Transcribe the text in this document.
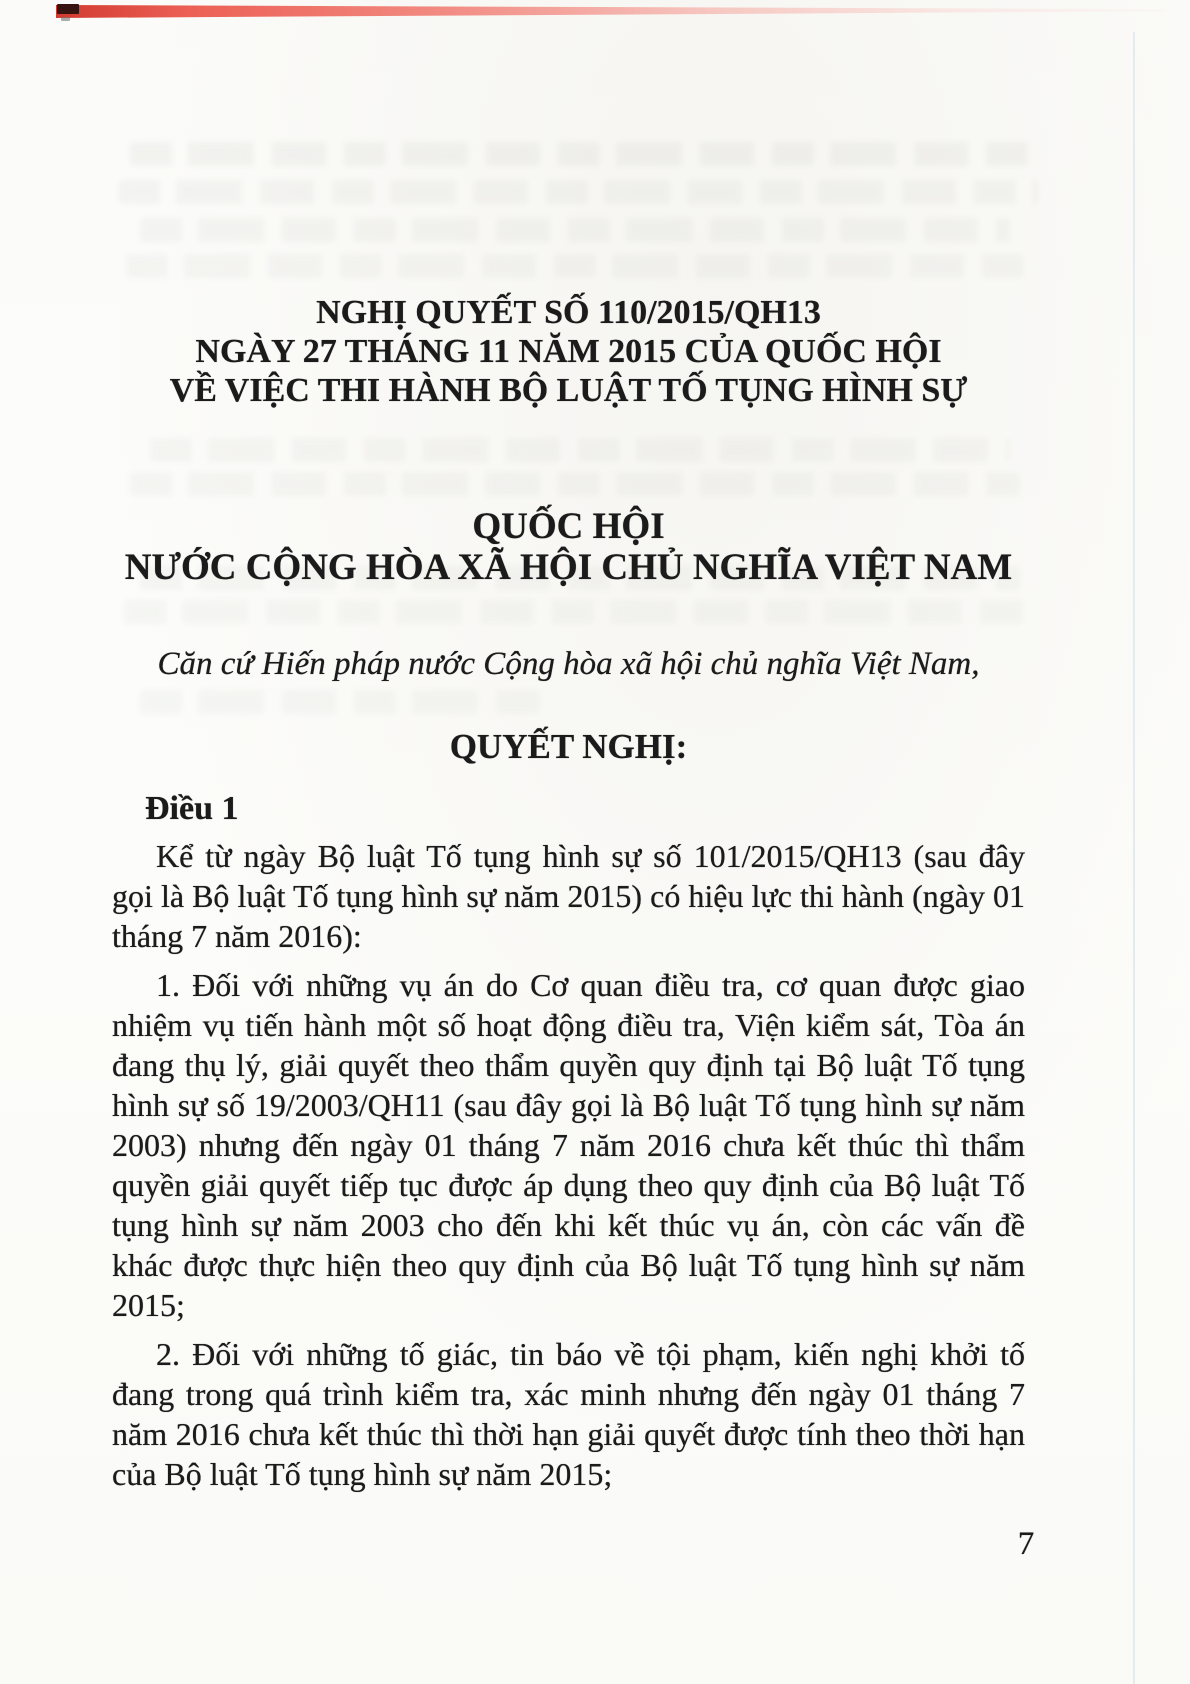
NGHỊ QUYẾT SỐ 110/2015/QH13
NGÀY 27 THÁNG 11 NĂM 2015 CỦA QUỐC HỘI
VỀ VIỆC THI HÀNH BỘ LUẬT TỐ TỤNG HÌNH SỰ
QUỐC HỘI
NƯỚC CỘNG HÒA XÃ HỘI CHỦ NGHĨA VIỆT NAM
Căn cứ Hiến pháp nước Cộng hòa xã hội chủ nghĩa Việt Nam,
QUYẾT NGHỊ:
Điều 1

Kể từ ngày Bộ luật Tố tụng hình sự số 101/2015/QH13 (sau đây gọi là Bộ luật Tố tụng hình sự năm 2015) có hiệu lực thi hành (ngày 01 tháng 7 năm 2016):

1. Đối với những vụ án do Cơ quan điều tra, cơ quan được giao nhiệm vụ tiến hành một số hoạt động điều tra, Viện kiểm sát, Tòa án đang thụ lý, giải quyết theo thẩm quyền quy định tại Bộ luật Tố tụng hình sự số 19/2003/QH11 (sau đây gọi là Bộ luật Tố tụng hình sự năm 2003) nhưng đến ngày 01 tháng 7 năm 2016 chưa kết thúc thì thẩm quyền giải quyết tiếp tục được áp dụng theo quy định của Bộ luật Tố tụng hình sự năm 2003 cho đến khi kết thúc vụ án, còn các vấn đề khác được thực hiện theo quy định của Bộ luật Tố tụng hình sự năm 2015;

2. Đối với những tố giác, tin báo về tội phạm, kiến nghị khởi tố đang trong quá trình kiểm tra, xác minh nhưng đến ngày 01 tháng 7 năm 2016 chưa kết thúc thì thời hạn giải quyết được tính theo thời hạn của Bộ luật Tố tụng hình sự năm 2015;

7
